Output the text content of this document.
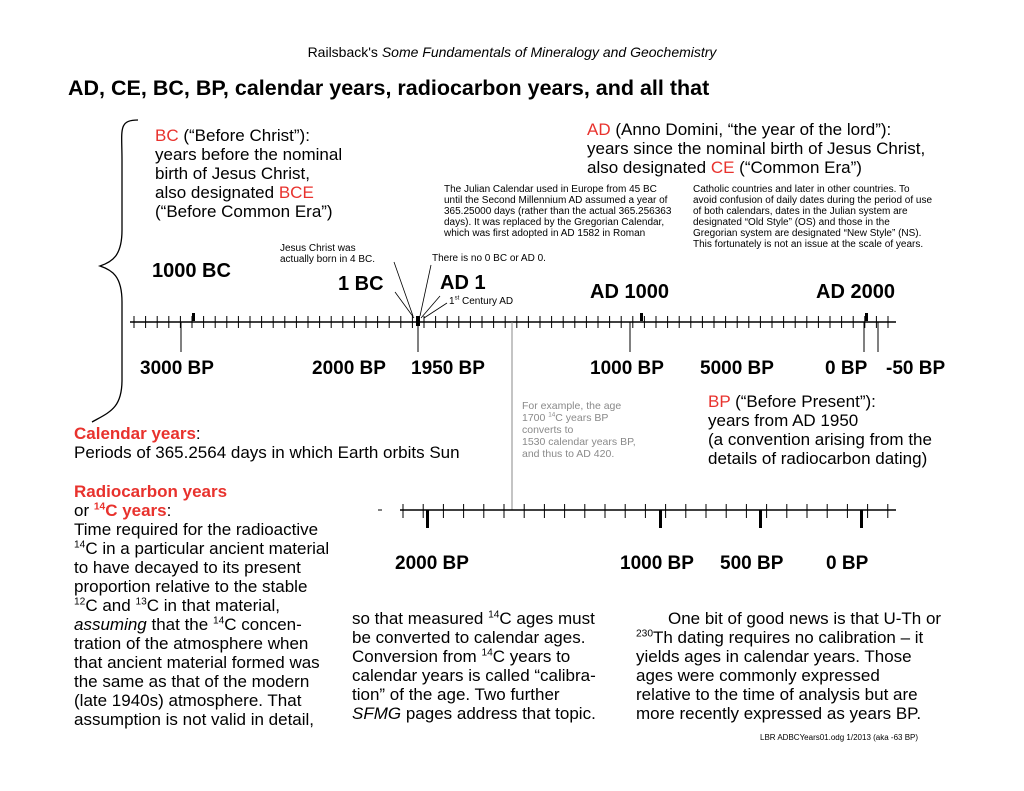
Railsback's Some Fundamentals of Mineralogy and Geochemistry
AD, CE, BC, BP, calendar years, radiocarbon years, and all that
BC (“Before Christ”):
years before the nominal
birth of Jesus Christ,
also designated BCE
(“Before Common Era”)
AD (Anno Domini, “the year of the lord”):
years since the nominal birth of Jesus Christ,
also designated CE (“Common Era”)
The Julian Calendar used in Europe from 45 BC
until the Second Millennium AD assumed a year of
365.25000 days (rather than the actual 365.256363
days). It was replaced by the Gregorian Calendar,
which was first adopted in AD 1582 in Roman
Catholic countries and later in other countries. To
avoid confusion of daily dates during the period of use
of both calendars, dates in the Julian system are
designated “Old Style” (OS) and those in the
Gregorian system are designated “New Style” (NS).
This fortunately is not an issue at the scale of years.
Jesus Christ was
actually born in 4 BC.	There is no 0 BC or AD 0.
1st Century AD
1000 BC
1 BC	AD 1	AD 1000	AD 2000
3000 BP	2000 BP 1950 BP	1000 BP 5000 BP	0 BP -50 BP
For example, the age
1700 $^{14}$C years BP
converts to
1530 calendar years BP,
and thus to AD 420.
BP (“Before Present”):
years from AD 1950
(a convention arising from the
details of radiocarbon dating)
Calendar years:
Periods of 365.2564 days in which Earth orbits Sun
Radiocarbon years
or $^{14}$C years:
Time required for the radioactive
$^{14}$C in a particular ancient material
to have decayed to its present
proportion relative to the stable
$^{12}$C and $^{13}$C in that material,
assuming that the $^{14}$C concen-
tration of the atmosphere when
that ancient material formed was
the same as that of the modern
(late 1940s) atmosphere. That
assumption is not valid in detail,
2000 BP	1000 BP 500 BP 0 BP
so that measured $^{14}$C ages must
be converted to calendar ages.
Conversion from $^{14}$C years to
calendar years is called “calibra-
tion” of the age. Two further
SFMG pages address that topic.
One bit of good news is that U-Th or
$^{230}$Th dating requires no calibration – it
yields ages in calendar years. Those
ages were commonly expressed
relative to the time of analysis but are
more recently expressed as years BP.
LBR ADBCYears01.odg 1/2013 (aka -63 BP)
